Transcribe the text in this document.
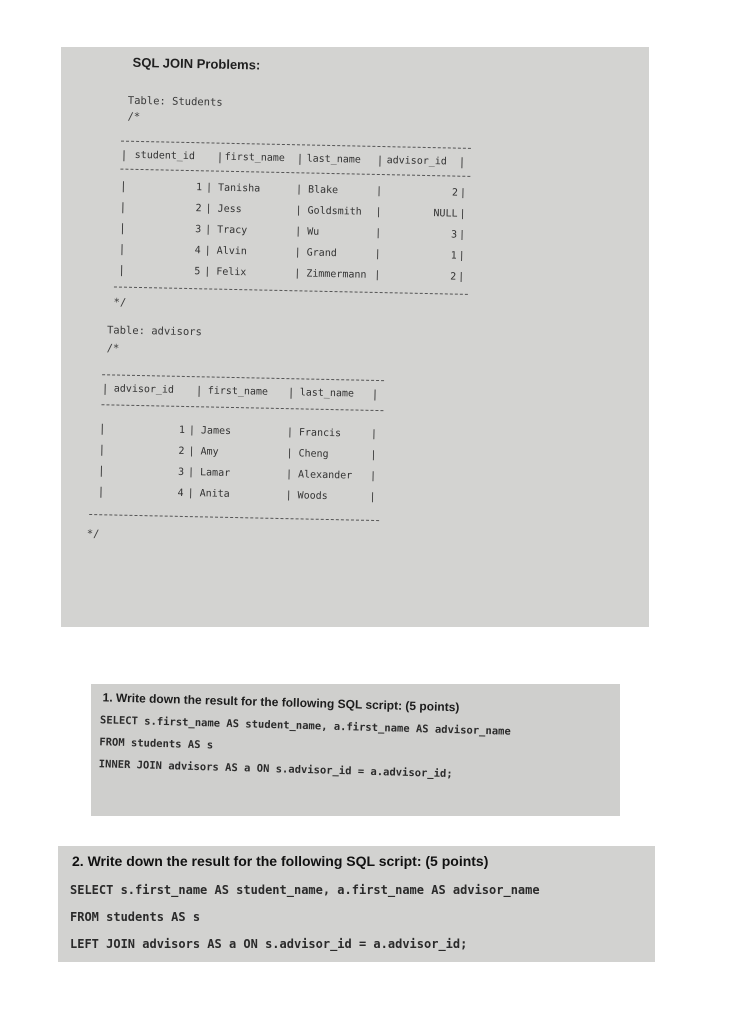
SQL JOIN Problems:
Table: Students
/*
| student_id | first_name | last_name | advisor_id |
|	1 | Tanisha	| Blake	|	2 |
|	2 | Jess	| Goldsmith |	NULL |
|	3 | Tracy	| Wu	|	3 |
|	4 | Alvin	| Grand	|	1 |
|	5 | Felix	| Zimmermann |	2 |
*/
Table: advisors
/*
| advisor_id | first_name | last_name |
|	1 | James	| Francis	|
|	2 | Amy	| Cheng	|
|	3 | Lamar	| Alexander |
|	4 | Anita	| Woods	|
*/
1. Write down the result for the following SQL script: (5 points)
SELECT s.first_name AS student_name, a.first_name AS advisor_name
FROM students AS s
INNER JOIN advisors AS a ON s.advisor_id = a.advisor_id;
2. Write down the result for the following SQL script: (5 points)
SELECT s.first_name AS student_name, a.first_name AS advisor_name
FROM students AS s
LEFT JOIN advisors AS a ON s.advisor_id = a.advisor_id;
